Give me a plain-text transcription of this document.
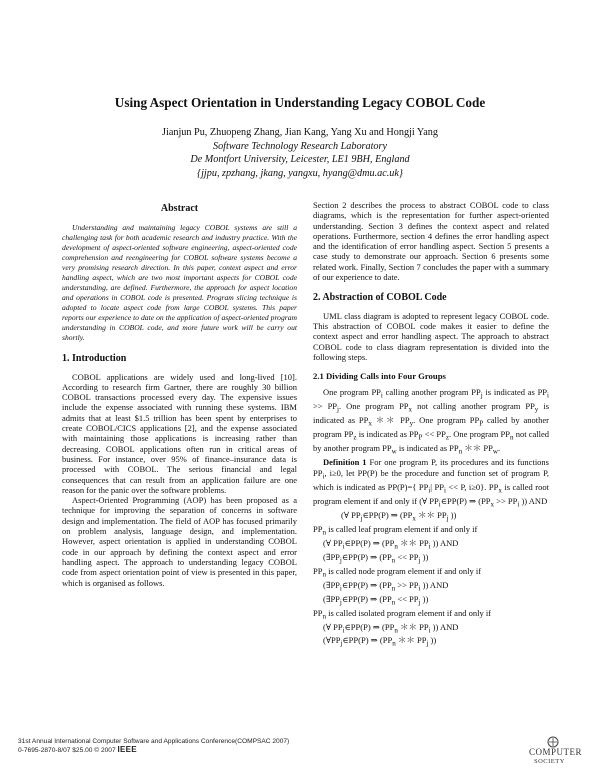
Using Aspect Orientation in Understanding Legacy COBOL Code
Jianjun Pu, Zhuopeng Zhang, Jian Kang, Yang Xu and Hongji Yang
Software Technology Research Laboratory
De Montfort University, Leicester, LE1 9BH, England
{jjpu, zpzhang, jkang, yangxu, hyang@dmu.ac.uk}
Abstract

Understanding and maintaining legacy COBOL systems are still a challenging task for both academic research and industry practice. With the development of aspect-oriented software engineering, aspect-oriented code comprehension and reengineering for COBOL software systems become a very promising research direction. In this paper, context aspect and error handling aspect, which are two most important aspects for COBOL code understanding, are defined. Furthermore, the approach for aspect location and operations in COBOL code is presented. Program slicing technique is adopted to locate aspect code from large COBOL systems. This paper reports our experience to date on the application of aspect-oriented program understanding in COBOL code, and more future work will be carry out shortly.

1. Introduction

COBOL applications are widely used and long-lived [10]. According to research firm Gartner, there are roughly 30 billion COBOL transactions processed every day. The expensive issues include the expense associated with running these systems. IBM admits that at least $1.5 trillion has been spent by enterprises to create COBOL/CICS applications [2], and the expense associated with maintaining those applications is increasing rather than decreasing. COBOL applications often run in critical areas of business. For instance, over 95% of finance–insurance data is processed with COBOL. The serious financial and legal consequences that can result from an application failure are one reason for the panic over the software problems.

Aspect-Oriented Programming (AOP) has been proposed as a technique for improving the separation of concerns in software design and implementation. The field of AOP has focused primarily on problem analysis, language design, and implementation. However, aspect orientation is applied in understanding COBOL code in our approach by defining the context aspect and error handling aspect. The approach to understanding legacy COBOL code from aspect orientation point of view is presented in this paper, which is organised as follows.

Section 2 describes the process to abstract COBOL code to class diagrams, which is the representation for further aspect-oriented understanding. Section 3 defines the context aspect and related operations. Furthermore, section 4 defines the error handling aspect and the identification of error handling aspect. Section 5 presents a case study to demonstrate our approach. Section 6 presents some related work. Finally, Section 7 concludes the paper with a summary of our experience to date.

2. Abstraction of COBOL Code

UML class diagram is adopted to represent legacy COBOL code. This abstraction of COBOL code makes it easier to define the context aspect and error handling aspect. The approach to abstract COBOL code to class diagram representation is divided into the following steps.

2.1 Dividing Calls into Four Groups

One program $PP_i$ calling another program $PP_j$ is indicated as $PP_i >> PP_j$. One program $PP_x$ not calling another program $PP_y$ is indicated as $PP_x$ ＊＊ $PP_y$. One program $PP_P$ called by another program $PP_z$ is indicated as $PP_P << PP_z$. One program $PP_n$ not called by another program $PP_w$ is indicated as $PP_n$ ＊＊ $PP_w$.

Definition 1 For one program P, its procedures and its functions $PP_i$, i≥0, let PP(P) be the procedure and function set of program P, which is indicated as PP(P)={ $PP_i|$ $PP_i << P$, i≥0}. $PP_x$ is called root program element if and only if (∀ $PP_i\in PP(P)$ ⇒ ($PP_x >> PP_i$ )) AND

(∀ $PP_j\in PP(P)$ ⇒ ($PP_x$ ＊＊ $PP_j$ ))
$PP_n$ is called leaf program element if and only if
(∀ $PP_i\in PP(P)$ ⇒ ($PP_n$ ＊＊ $PP_i$ )) AND
($\exists PP_j\in PP(P)$ ⇒ ($PP_n << PP_j$ ))
$PP_n$ is called node program element if and only if
($\exists PP_i\in PP(P)$ ⇒ ($PP_n >> PP_i$ )) AND
($\exists PP_j\in PP(P)$ ⇒ ($PP_n << PP_j$ ))
$PP_n$ is called isolated program element if and only if
(∀ $PP_i\in PP(P)$ ⇒ ($PP_n$ ＊＊ $PP_i$ )) AND
($\forall PP_j\in PP(P)$ ⇒ ($PP_n$ ＊＊ $PP_j$ ))
31st Annual International Computer Software and Applications Conference(COMPSAC 2007)
0-7695-2870-8/07 $25.00 © 2007 IEEE	COMPUTER
SOCIETY
